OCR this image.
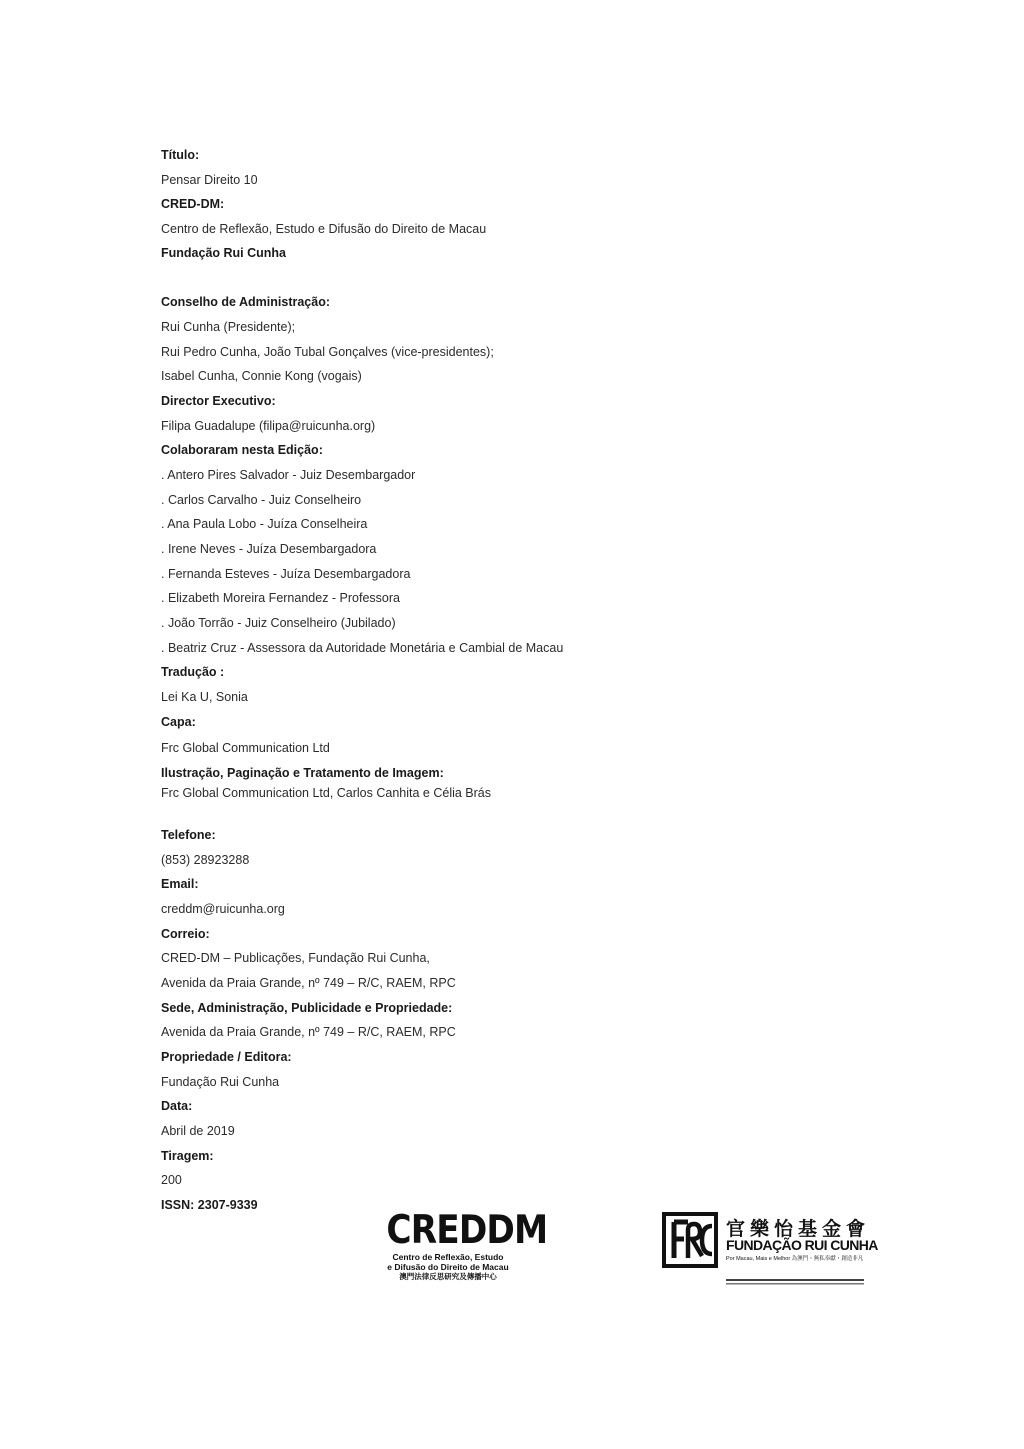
Título:
Pensar Direito 10
CRED-DM:
Centro de Reflexão, Estudo e Difusão do Direito de Macau
Fundação Rui Cunha
Conselho de Administração:
Rui Cunha (Presidente);
Rui Pedro Cunha, João Tubal Gonçalves (vice-presidentes);
Isabel Cunha, Connie Kong (vogais)
Director Executivo:
Filipa Guadalupe (filipa@ruicunha.org)
Colaboraram nesta Edição:
. Antero Pires Salvador - Juiz Desembargador
. Carlos Carvalho - Juiz Conselheiro
. Ana Paula Lobo - Juíza Conselheira
. Irene Neves - Juíza Desembargadora
. Fernanda Esteves - Juíza Desembargadora
. Elizabeth Moreira Fernandez - Professora
. João Torrão - Juiz Conselheiro (Jubilado)
. Beatriz Cruz - Assessora da Autoridade Monetária e Cambial de Macau
Tradução :
Lei Ka U, Sonia
Capa:
Frc Global Communication Ltd
Ilustração, Paginação e Tratamento de Imagem:
Frc Global Communication Ltd, Carlos Canhita e Célia Brás
Telefone:
(853) 28923288
Email:
creddm@ruicunha.org
Correio:
CRED-DM – Publicações, Fundação Rui Cunha,
Avenida da Praia Grande, nº 749 – R/C, RAEM, RPC
Sede, Administração, Publicidade e Propriedade:
Avenida da Praia Grande, nº 749 – R/C, RAEM, RPC
Propriedade / Editora:
Fundação Rui Cunha
Data:
Abril de 2019
Tiragem:
200
ISSN: 2307-9339
CREDDM
Centro de Reflexão, Estudo
e Difusão do Direito de Macau
澳門法律反思研究及傳播中心
官樂怡基金會
FUNDAÇÃO RUI CUNHA
Por Macau, Mais e Melhor 為澳門・無私奉獻・創造非凡
